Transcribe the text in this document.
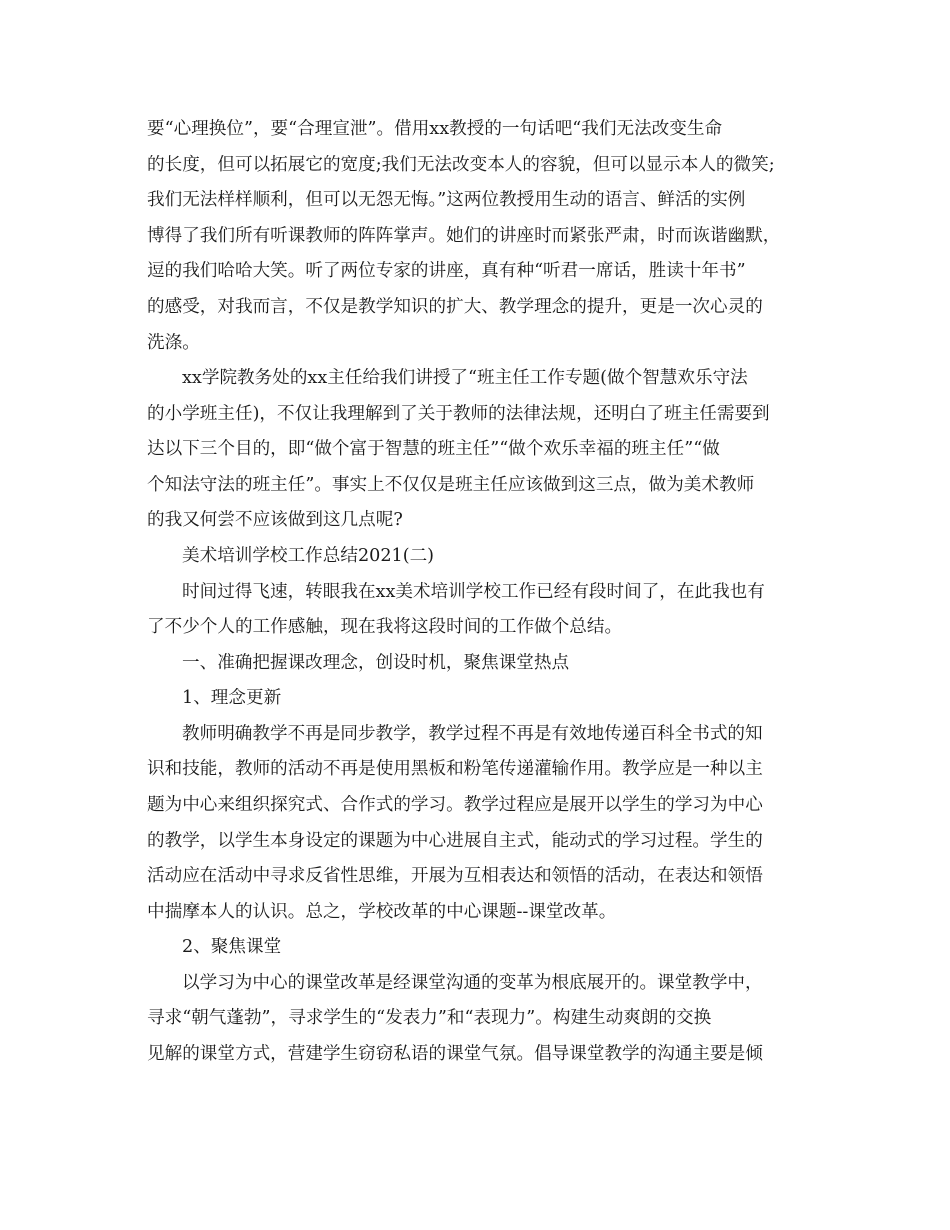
要“心理换位”，要“合理宣泄”。借用xx教授的一句话吧“我们无法改变生命

的长度，但可以拓展它的宽度;我们无法改变本人的容貌，但可以显示本人的微笑;

我们无法样样顺利，但可以无怨无悔。”这两位教授用生动的语言、鲜活的实例

博得了我们所有听课教师的阵阵掌声。她们的讲座时而紧张严肃，时而诙谐幽默，

逗的我们哈哈大笑。听了两位专家的讲座，真有种“听君一席话，胜读十年书”

的感受，对我而言，不仅是教学知识的扩大、教学理念的提升，更是一次心灵的

洗涤。

xx学院教务处的xx主任给我们讲授了“班主任工作专题(做个智慧欢乐守法

的小学班主任)，不仅让我理解到了关于教师的法律法规，还明白了班主任需要到

达以下三个目的，即“做个富于智慧的班主任”“做个欢乐幸福的班主任”“做

个知法守法的班主任”。事实上不仅仅是班主任应该做到这三点，做为美术教师

的我又何尝不应该做到这几点呢?

美术培训学校工作总结2021(二)

时间过得飞速，转眼我在xx美术培训学校工作已经有段时间了，在此我也有

了不少个人的工作感触，现在我将这段时间的工作做个总结。

一、准确把握课改理念，创设时机，聚焦课堂热点

1、理念更新

教师明确教学不再是同步教学，教学过程不再是有效地传递百科全书式的知

识和技能，教师的活动不再是使用黑板和粉笔传递灌输作用。教学应是一种以主

题为中心来组织探究式、合作式的学习。教学过程应是展开以学生的学习为中心

的教学，以学生本身设定的课题为中心进展自主式，能动式的学习过程。学生的

活动应在活动中寻求反省性思维，开展为互相表达和领悟的活动，在表达和领悟

中揣摩本人的认识。总之，学校改革的中心课题--课堂改革。

2、聚焦课堂

以学习为中心的课堂改革是经课堂沟通的变革为根底展开的。课堂教学中，

寻求“朝气蓬勃”，寻求学生的“发表力”和“表现力”。构建生动爽朗的交换

见解的课堂方式，营建学生窃窃私语的课堂气氛。倡导课堂教学的沟通主要是倾
